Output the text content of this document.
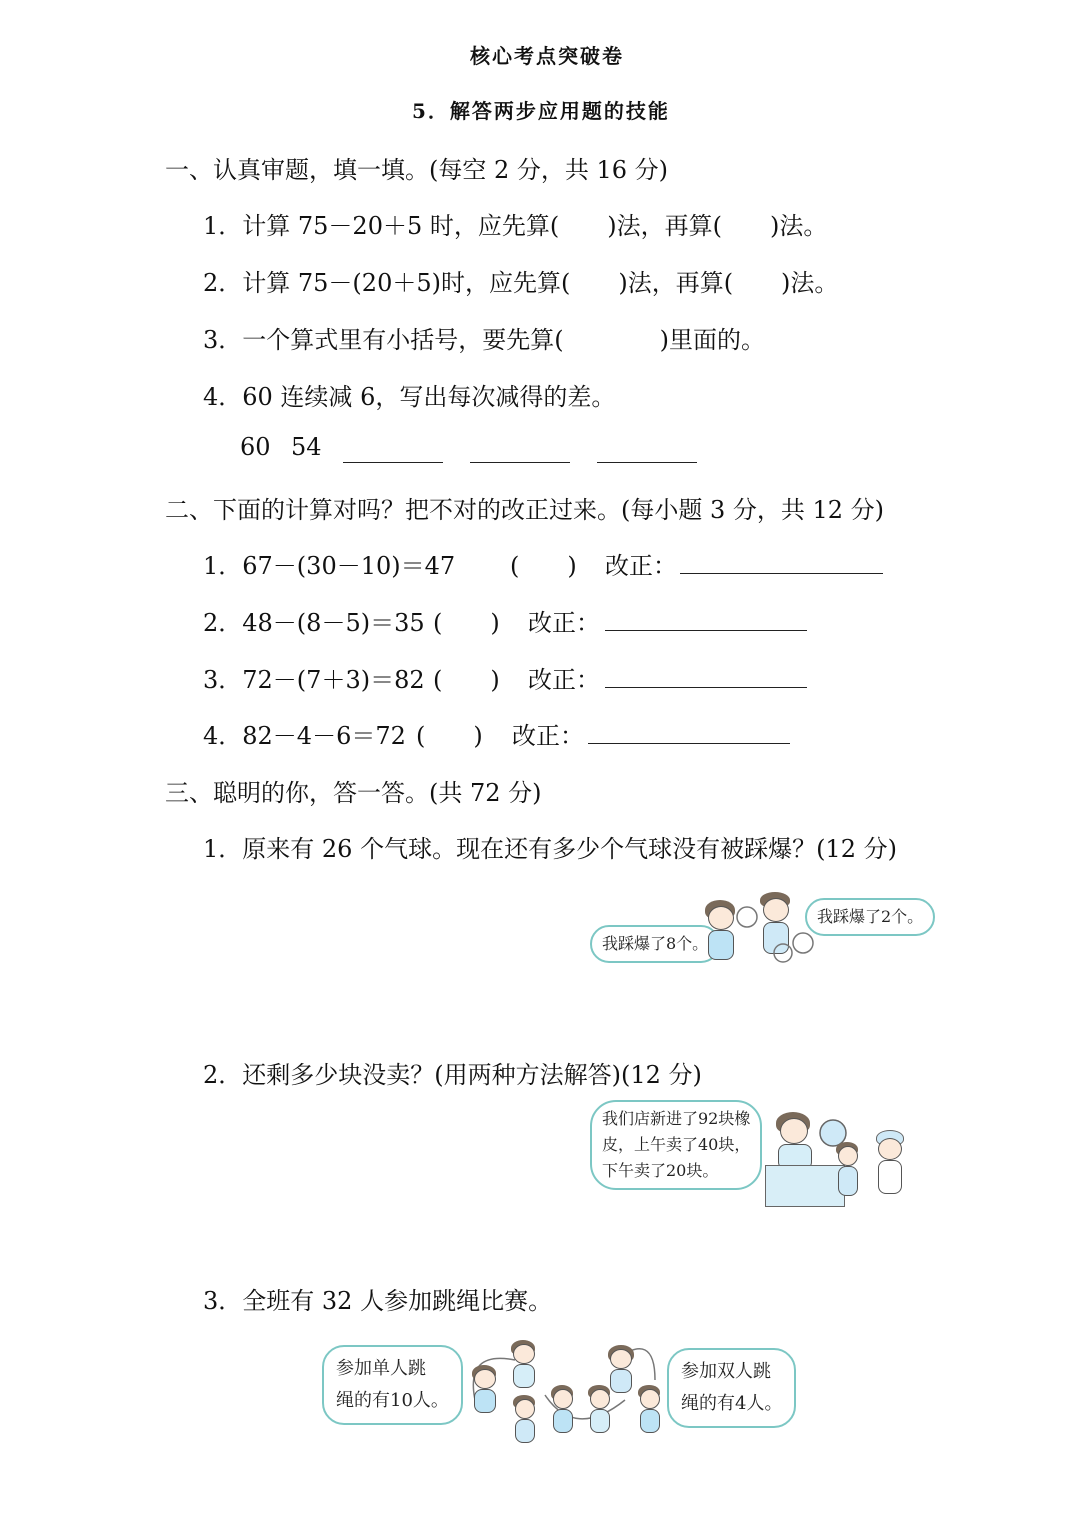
核心考点突破卷
5．解答两步应用题的技能
一、认真审题，填一填。(每空 2 分，共 16 分)
1．计算 75－20＋5 时，应先算(　　)法，再算(　　)法。
2．计算 75－(20＋5)时，应先算(　　)法，再算(　　)法。
3．一个算式里有小括号，要先算(　　　　)里面的。
4．60 连续减 6，写出每次减得的差。
60 54
二、下面的计算对吗？把不对的改正过来。(每小题 3 分，共 12 分)
1．67－(30－10)＝47 (　　) 改正：
2．48－(8－5)＝35 (　　) 改正：
3．72－(7＋3)＝82 (　　) 改正：
4．82－4－6＝72 (　　) 改正：
三、聪明的你，答一答。(共 72 分)
1．原来有 26 个气球。现在还有多少个气球没有被踩爆？(12 分)
我踩爆了8个。
我踩爆了2个。
2．还剩多少块没卖？(用两种方法解答)(12 分)
我们店新进了92块橡
皮，上午卖了40块，
下午卖了20块。
3．全班有 32 人参加跳绳比赛。
参加单人跳
绳的有10人。
参加双人跳
绳的有4人。
